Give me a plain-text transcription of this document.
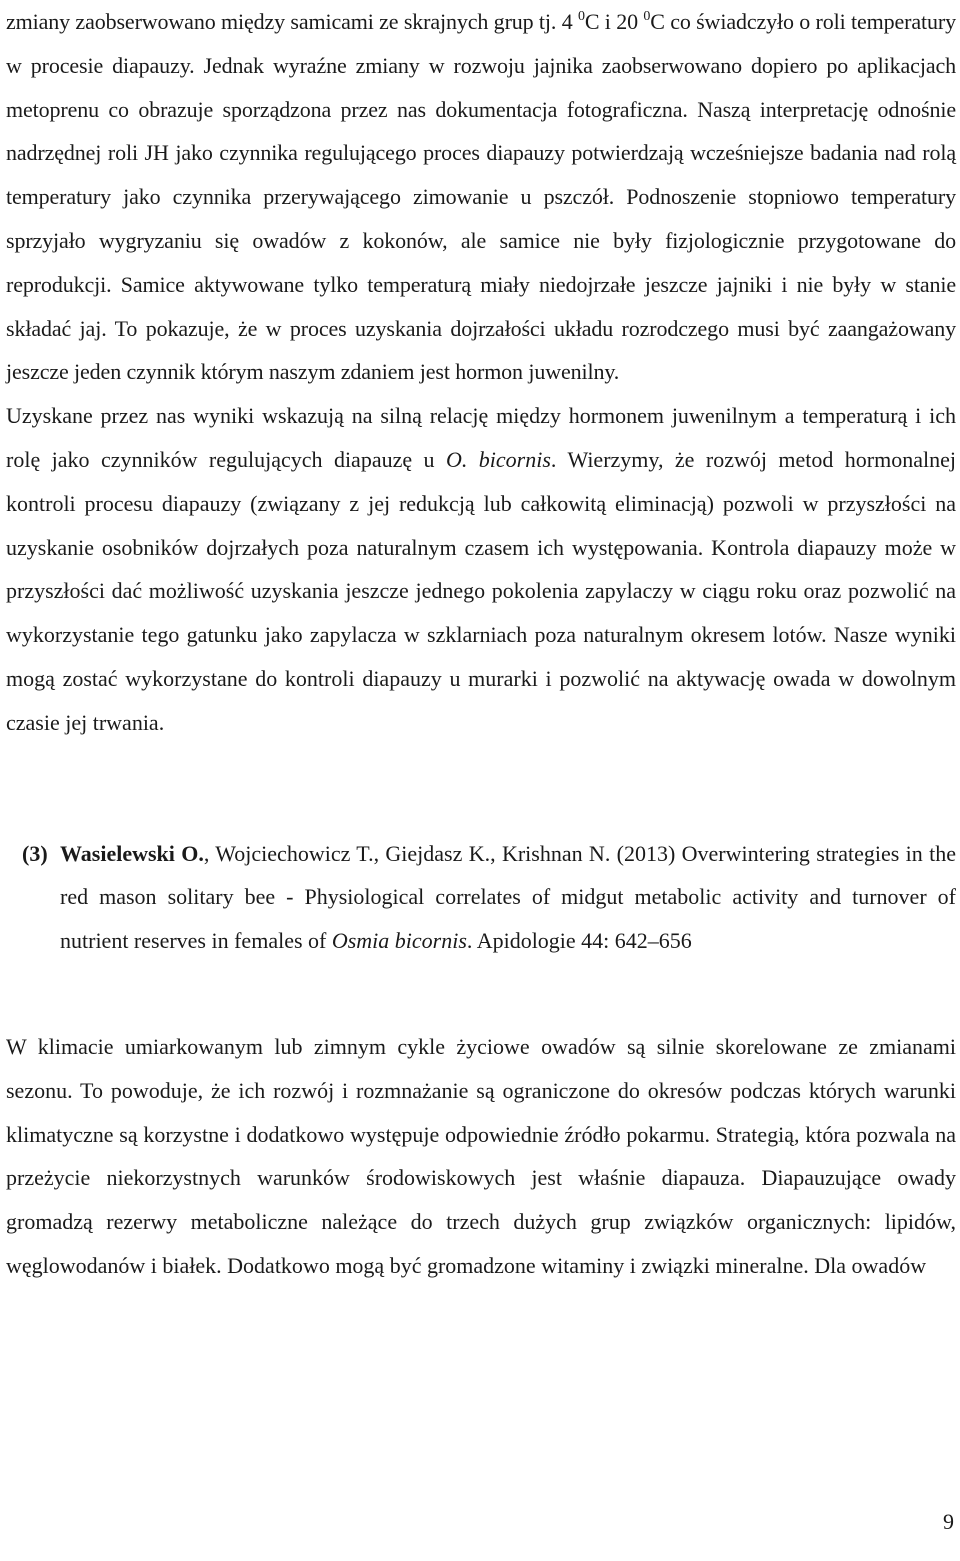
zmiany zaobserwowano między samicami ze skrajnych grup tj. 4 $^0$C i 20 $^0$C co świadczyło o roli temperatury w procesie diapauzy. Jednak wyraźne zmiany w rozwoju jajnika zaobserwowano dopiero po aplikacjach metoprenu co obrazuje sporządzona przez nas dokumentacja fotograficzna. Naszą interpretację odnośnie nadrzędnej roli JH jako czynnika regulującego proces diapauzy potwierdzają wcześniejsze badania nad rolą temperatury jako czynnika przerywającego zimowanie u pszczół. Podnoszenie stopniowo temperatury sprzyjało wygryzaniu się owadów z kokonów, ale samice nie były fizjologicznie przygotowane do reprodukcji. Samice aktywowane tylko temperaturą miały niedojrzałe jeszcze jajniki i nie były w stanie składać jaj. To pokazuje, że w proces uzyskania dojrzałości układu rozrodczego musi być zaangażowany jeszcze jeden czynnik którym naszym zdaniem jest hormon juwenilny.

Uzyskane przez nas wyniki wskazują na silną relację między hormonem juwenilnym a temperaturą i ich rolę jako czynników regulujących diapauzę u O. bicornis. Wierzymy, że rozwój metod hormonalnej kontroli procesu diapauzy (związany z jej redukcją lub całkowitą eliminacją) pozwoli w przyszłości na uzyskanie osobników dojrzałych poza naturalnym czasem ich występowania. Kontrola diapauzy może w przyszłości dać możliwość uzyskania jeszcze jednego pokolenia zapylaczy w ciągu roku oraz pozwolić na wykorzystanie tego gatunku jako zapylacza w szklarniach poza naturalnym okresem lotów. Nasze wyniki mogą zostać wykorzystane do kontroli diapauzy u murarki i pozwolić na aktywację owada w dowolnym czasie jej trwania.

(3) Wasielewski O., Wojciechowicz T., Giejdasz K., Krishnan N. (2013) Overwintering strategies in the red mason solitary bee - Physiological correlates of midgut metabolic activity and turnover of nutrient reserves in females of Osmia bicornis. Apidologie 44: 642–656

W klimacie umiarkowanym lub zimnym cykle życiowe owadów są silnie skorelowane ze zmianami sezonu. To powoduje, że ich rozwój i rozmnażanie są ograniczone do okresów podczas których warunki klimatyczne są korzystne i dodatkowo występuje odpowiednie źródło pokarmu. Strategią, która pozwala na przeżycie niekorzystnych warunków środowiskowych jest właśnie diapauza. Diapauzujące owady gromadzą rezerwy metaboliczne należące do trzech dużych grup związków organicznych: lipidów, węglowodanów i białek. Dodatkowo mogą być gromadzone witaminy i związki mineralne. Dla owadów

9
